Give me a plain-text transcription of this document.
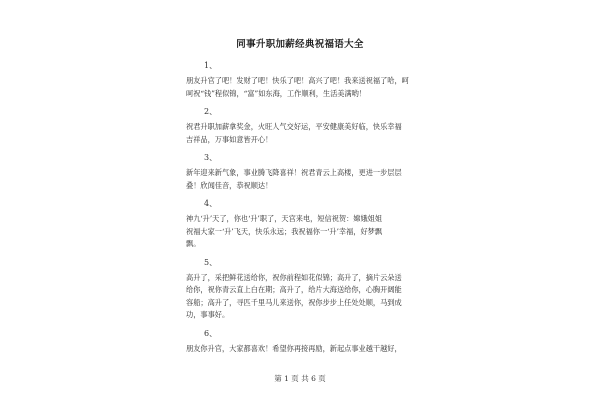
同事升职加薪经典祝福语大全
1、
朋友升官了吧！发财了吧！快乐了吧！高兴了吧！我来送祝福了哈，呵
呵祝“钱”程似锦，“富”如东海，工作顺利，生活美满哟！
2、
祝君升职加薪拿奖金，火旺人气交好运，平安健康美好临，快乐幸福
吉祥品，万事如意皆开心！
3、
新年迎来新气象，事业腾飞降喜祥！祝君青云上高楼，更进一步层层
叠！欣闻佳音，恭祝顺达！
4、
神九‘升’天了，你也‘升’职了，天宫来电，短信祝贺：嫦娥姐姐
祝福大家一‘升’飞天，快乐永远；我祝福你一‘升’幸福，好梦飘
飘。
5、
高升了，采把鲜花送给你，祝你前程如花似锦；高升了，摘片云朵送
给你，祝你青云直上白在期；高升了，给片大海送给你，心胸开阔能
容船；高升了，寻匹千里马儿来送你，祝你步步上任处处顺，马到成
功，事事好。
6、
朋友你升官，大家都喜欢！希望你再接再励，新起点事业越干越好，
第 1 页 共 6 页
